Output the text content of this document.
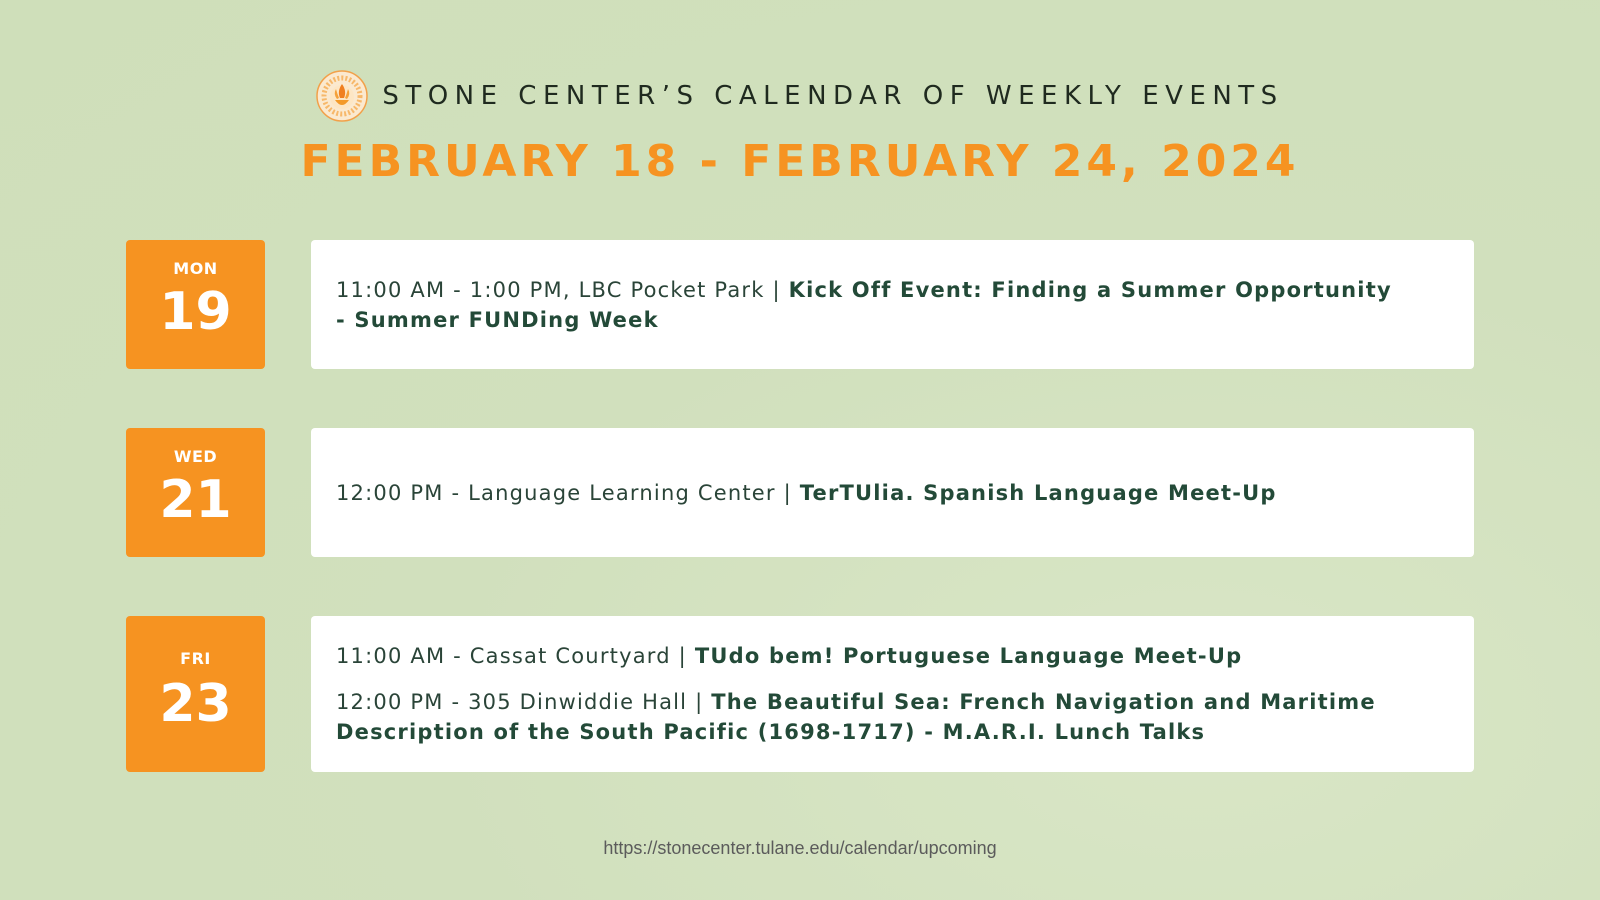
STONE CENTER’S CALENDAR OF WEEKLY EVENTS
FEBRUARY 18 - FEBRUARY 24, 2024
MON
19	11:00 AM - 1:00 PM, LBC Pocket Park | Kick Off Event: Finding a Summer Opportunity - Summer FUNDing Week
WED
21	12:00 PM - Language Learning Center | TerTUlia. Spanish Language Meet-Up
FRI
23
11:00 AM - Cassat Courtyard | TUdo bem! Portuguese Language Meet-Up
12:00 PM - 305 Dinwiddie Hall | The Beautiful Sea: French Navigation and Maritime Description of the South Pacific (1698-1717) - M.A.R.I. Lunch Talks
https://stonecenter.tulane.edu/calendar/upcoming
